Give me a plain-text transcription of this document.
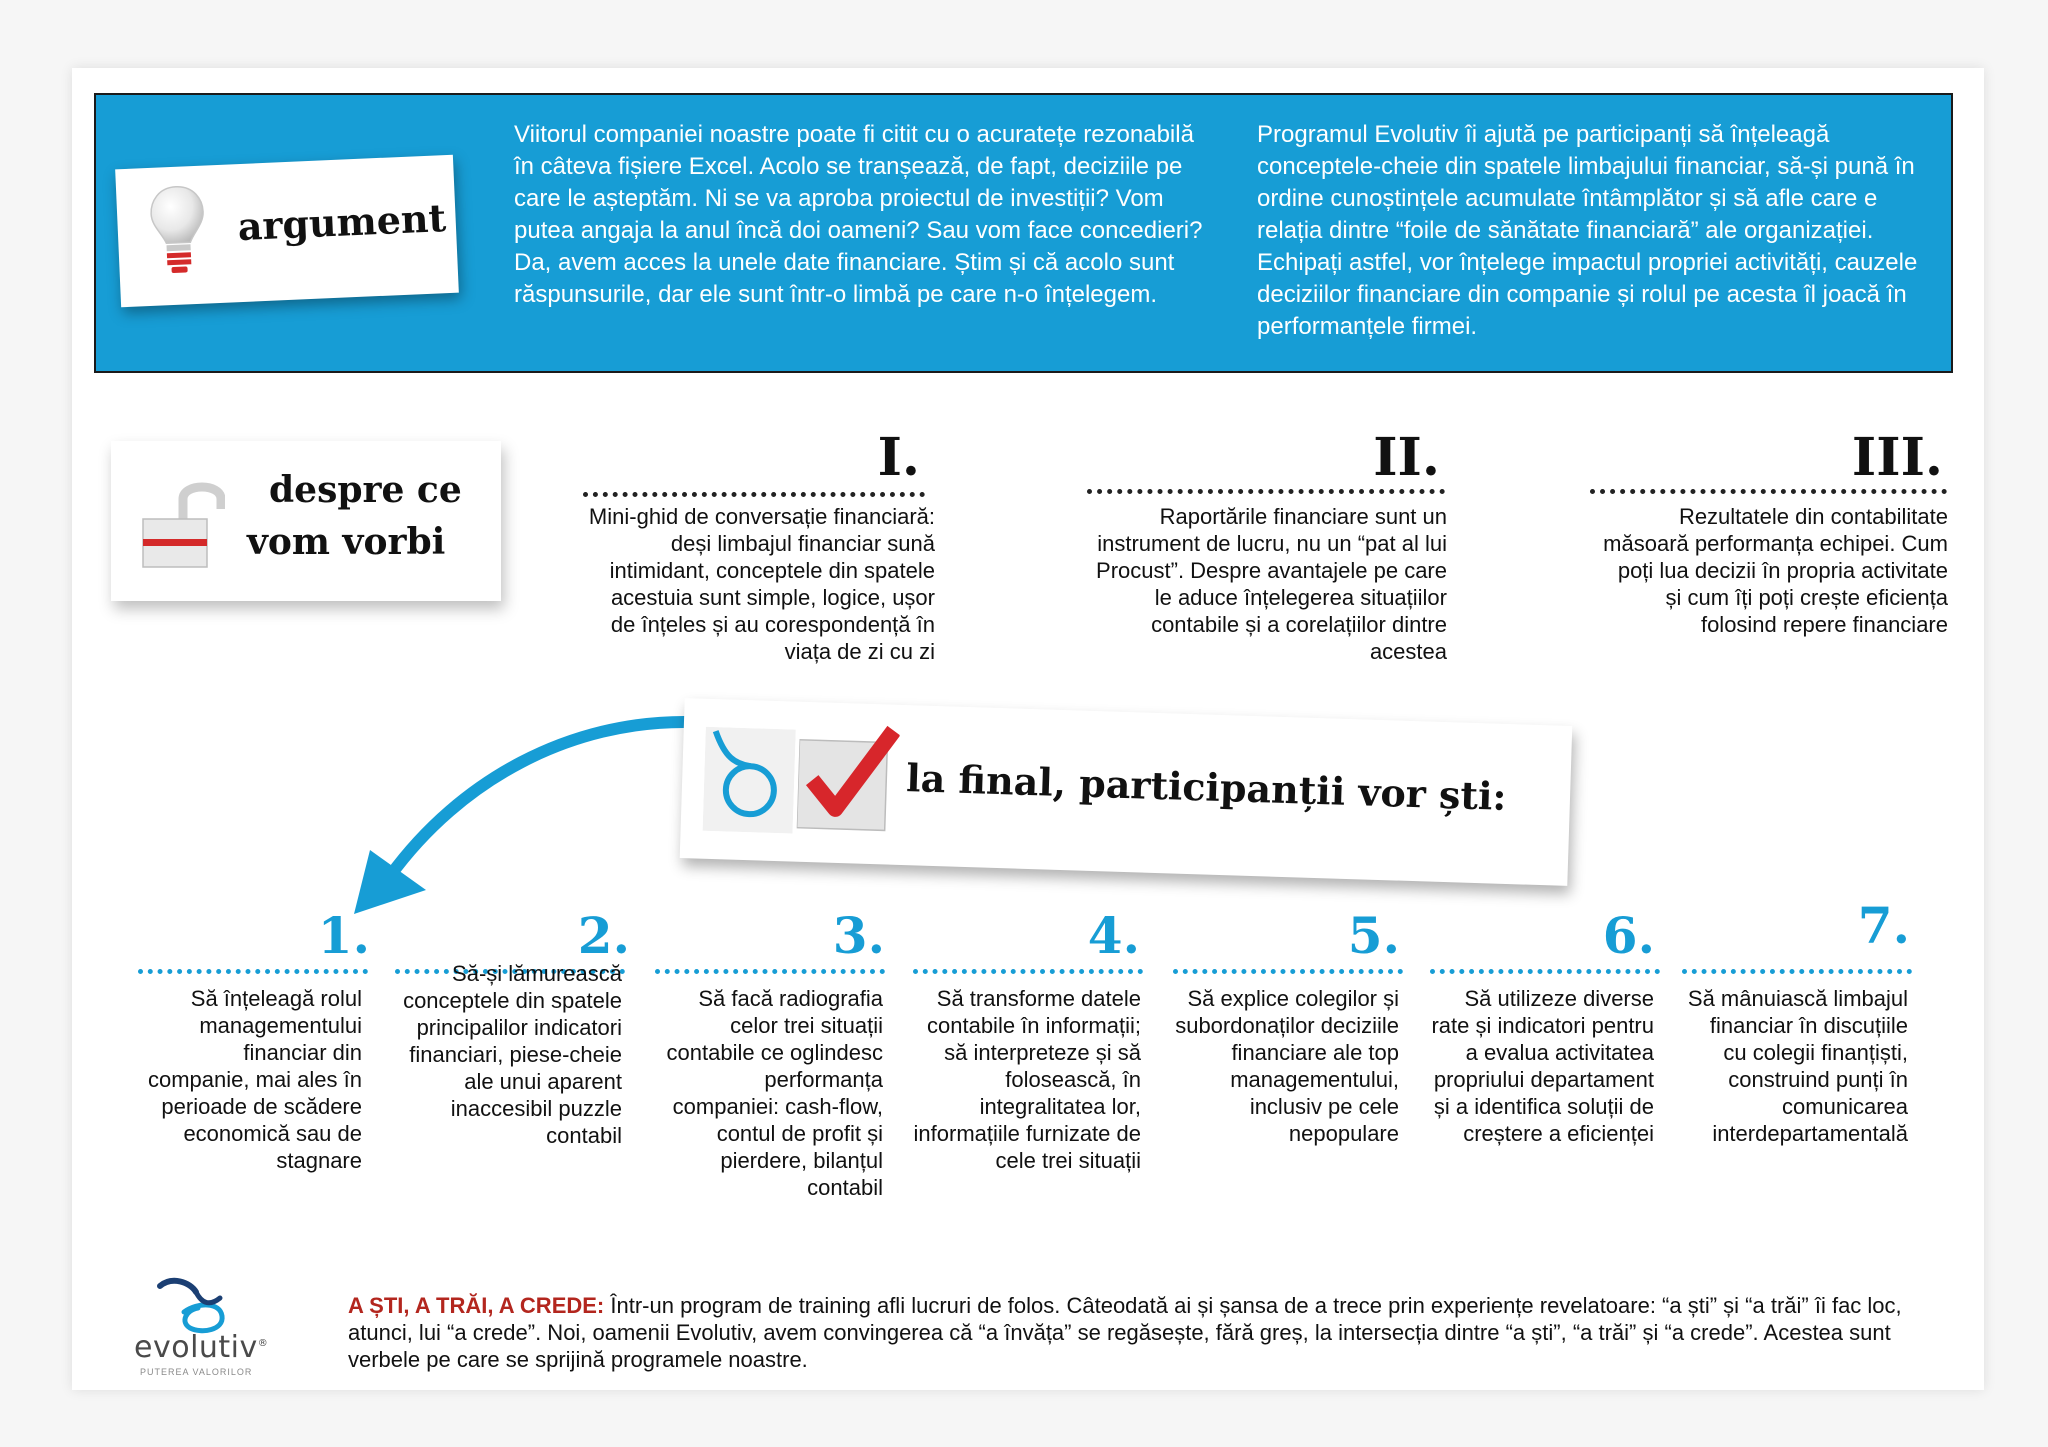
Viitorul companiei noastre poate fi citit cu o acuratețe rezonabilă în câteva fișiere Excel. Acolo se tranșează, de fapt, deciziile pe care le așteptăm. Ni se va aproba proiectul de investiții? Vom putea angaja la anul încă doi oameni? Sau vom face concedieri? Da, avem acces la unele date financiare. Știm și că acolo sunt răspunsurile, dar ele sunt într-o limbă pe care n-o înțelegem.
Programul Evolutiv îi ajută pe participanți să înțeleagă conceptele-cheie din spatele limbajului financiar, să-și pună în ordine cunoștințele acumulate întâmplător și să afle care e relația dintre “foile de sănătate financiară” ale organizației. Echipați astfel, vor înțelege impactul propriei activități, cauzele deciziilor financiare din companie și rolul pe acesta îl joacă în performanțele firmei.
argument
despre ce
vom vorbi
I.
Mini-ghid de conversație financiară: deși limbajul financiar sună intimidant, conceptele din spatele acestuia sunt simple, logice, ușor de înțeles și au corespondență în viața de zi cu zi
II.
Raportările financiare sunt un instrument de lucru, nu un “pat al lui Procust”. Despre avantajele pe care le aduce înțelegerea situațiilor contabile și a corelațiilor dintre acestea
III.
Rezultatele din contabilitate măsoară performanța echipei. Cum poți lua decizii în propria activitate și cum îți poți crește eficiența folosind repere financiare
la final, participanții vor ști:
1.
Să înțeleagă rolul managementului financiar din companie, mai ales în perioade de scădere economică sau de stagnare
2.
Să-și lămurească conceptele din spatele principalilor indicatori financiari, piese-cheie ale unui aparent inaccesibil puzzle contabil
3.
Să facă radiografia celor trei situații contabile ce oglindesc performanța companiei: cash-flow, contul de profit și pierdere, bilanțul contabil
4.
Să transforme datele contabile în informații; să interpreteze și să folosească, în integralitatea lor, informațiile furnizate de cele trei situații
5.
Să explice colegilor și subordonaților deciziile financiare ale top managementului, inclusiv pe cele nepopulare
6.
Să utilizeze diverse rate și indicatori pentru a evalua activitatea propriului departament și a identifica soluții de creștere a eficienței
7.
Să mânuiască limbajul financiar în discuțiile cu colegii finanțiști, construind punți în comunicarea interdepartamentală
evolutiv®
PUTEREA VALORILOR
A ȘTI, A TRĂI, A CREDE: Într-un program de training afli lucruri de folos. Câteodată ai și șansa de a trece prin experiențe revelatoare: “a ști” și “a trăi” îi fac loc, atunci, lui “a crede”. Noi, oamenii Evolutiv, avem convingerea că “a învăța” se regăsește, fără greș, la intersecția dintre “a ști”, “a trăi” și “a crede”. Acestea sunt verbele pe care se sprijină programele noastre.
